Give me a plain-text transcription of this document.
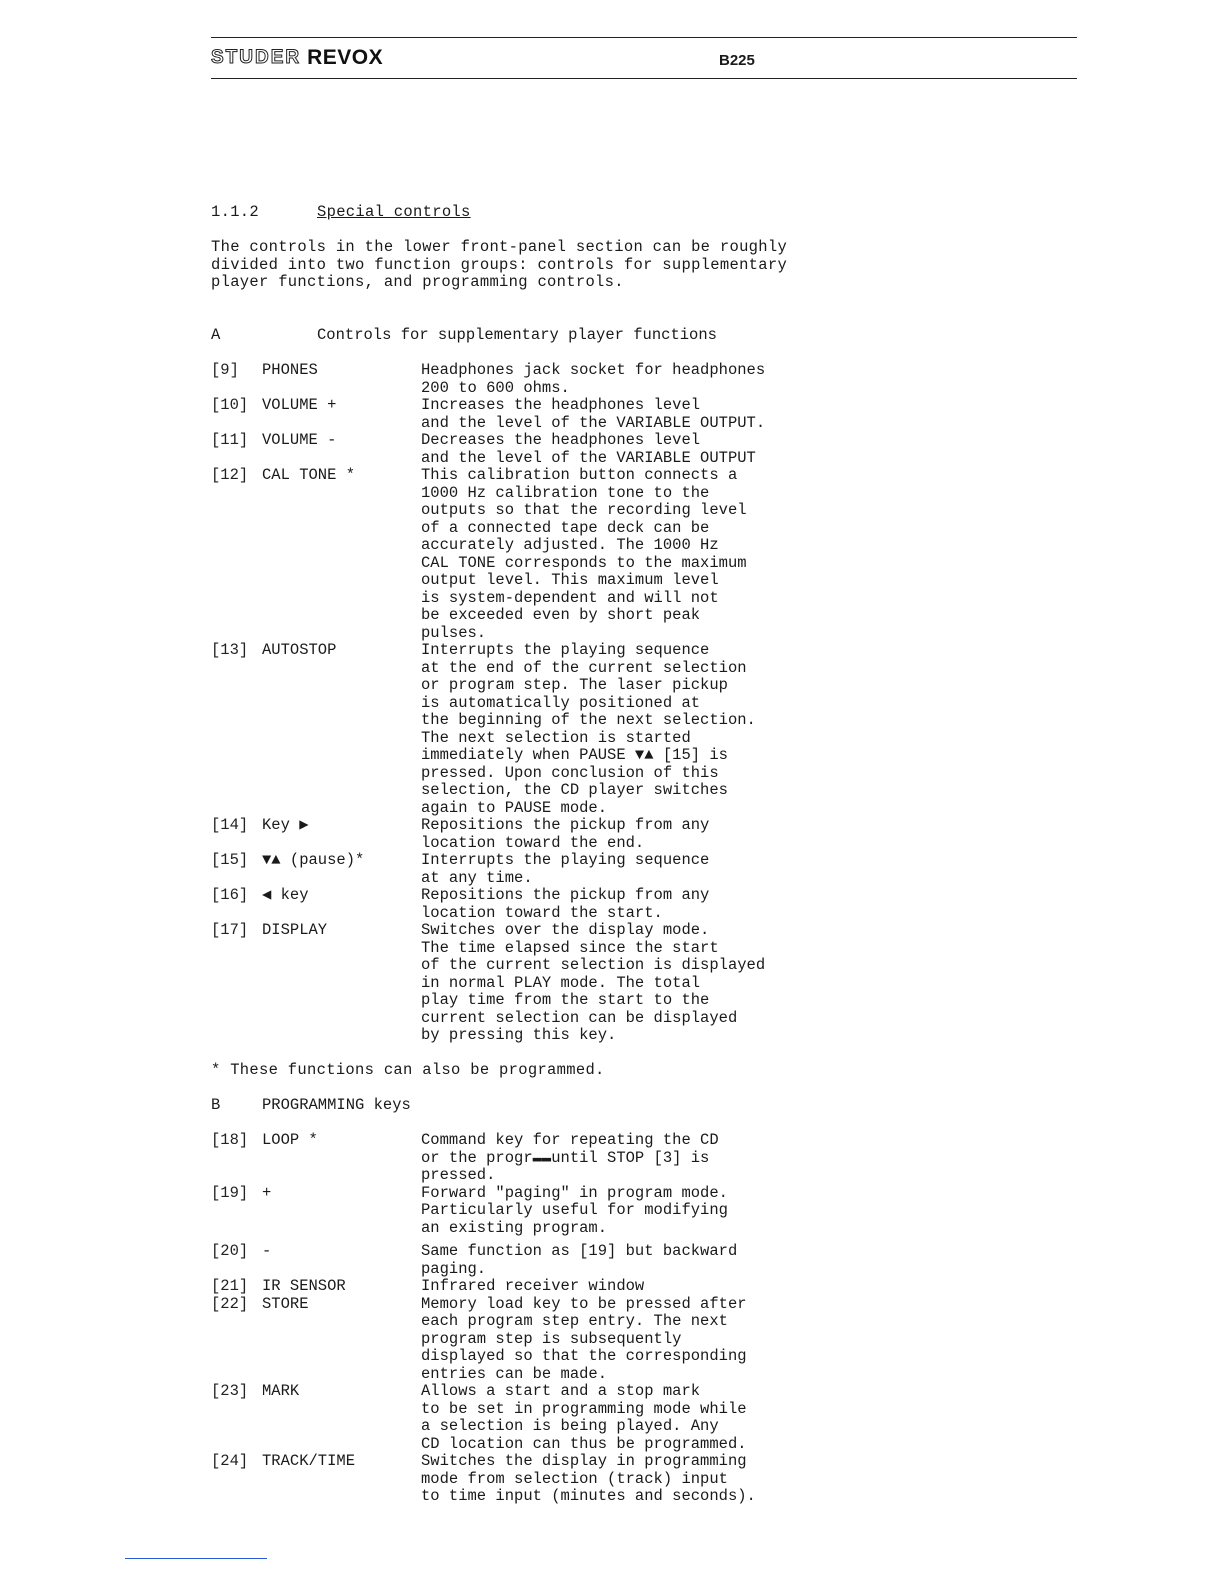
STUDER REVOX	B225
1.1.2	Special controls
The controls in the lower front-panel section can be roughly divided into two function groups: controls for supplementary player functions, and programming controls.
A	Controls for supplementary player functions
[9] PHONES	Headphones jack socket for headphones
200 to 600 ohms.
[10] VOLUME +	Increases the headphones level
and the level of the VARIABLE OUTPUT.
[11] VOLUME -	Decreases the headphones level
and the level of the VARIABLE OUTPUT
[12] CAL TONE *	This calibration button connects a
1000 Hz calibration tone to the
outputs so that the recording level
of a connected tape deck can be
accurately adjusted. The 1000 Hz
CAL TONE corresponds to the maximum
output level. This maximum level
is system-dependent and will not
be exceeded even by short peak
pulses.
[13] AUTOSTOP	Interrupts the playing sequence
at the end of the current selection
or program step. The laser pickup
is automatically positioned at
the beginning of the next selection.
The next selection is started
immediately when PAUSE ▼▲ [15] is
pressed. Upon conclusion of this
selection, the CD player switches
again to PAUSE mode.
[14] Key ▶	Repositions the pickup from any
location toward the end.
[15] ▼▲ (pause)*	Interrupts the playing sequence
at any time.
[16] ◀ key	Repositions the pickup from any
location toward the start.
[17] DISPLAY	Switches over the display mode.
The time elapsed since the start
of the current selection is displayed
in normal PLAY mode. The total
play time from the start to the
current selection can be displayed
by pressing this key.
* These functions can also be programmed.
B	PROGRAMMING keys
[18] LOOP *	Command key for repeating the CD
or the progr▬▬until STOP [3] is
pressed.
[19] +	Forward "paging" in program mode.
Particularly useful for modifying
an existing program.
[20] -	Same function as [19] but backward
paging.
[21] IR SENSOR	Infrared receiver window
[22] STORE	Memory load key to be pressed after
each program step entry. The next
program step is subsequently
displayed so that the corresponding
entries can be made.
[23] MARK	Allows a start and a stop mark
to be set in programming mode while
a selection is being played. Any
CD location can thus be programmed.
[24] TRACK/TIME	Switches the display in programming
mode from selection (track) input
to time input (minutes and seconds).
